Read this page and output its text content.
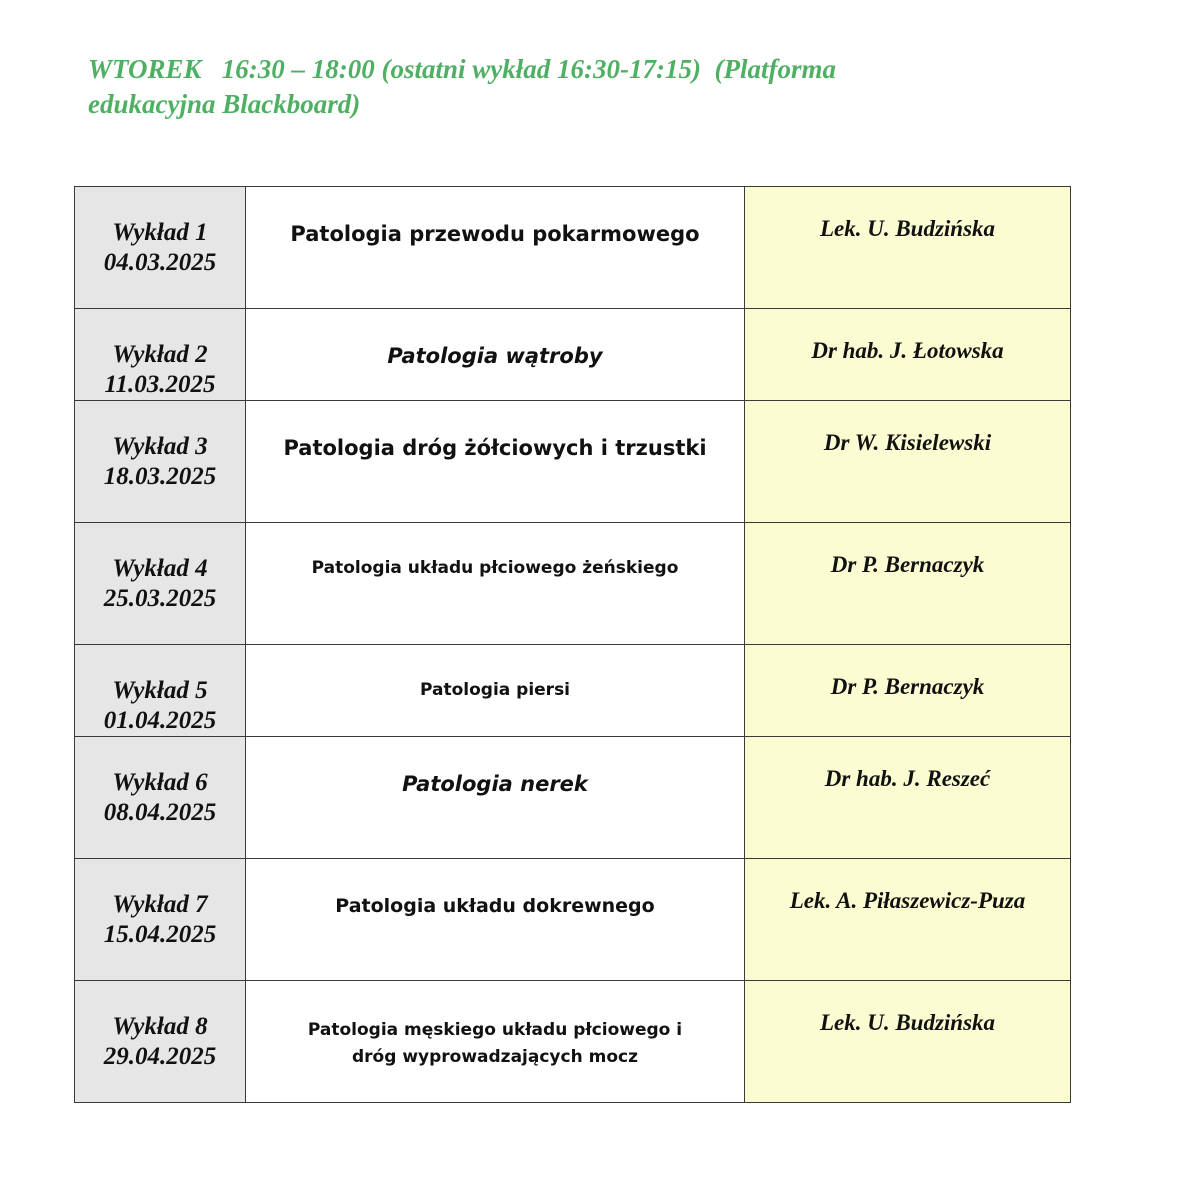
WTOREK   16:30 – 18:00 (ostatni wykład 16:30-17:15)  (Platforma
edukacyjna Blackboard)
Wykład 1
04.03.2025	Patologia przewodu pokarmowego	Lek. U. Budzińska

Wykład 2
11.03.2025	Patologia wątroby	Dr hab. J. Łotowska

Wykład 3
18.03.2025	Patologia dróg żółciowych i trzustki	Dr W. Kisielewski

Wykład 4
25.03.2025	Patologia układu płciowego żeńskiego	Dr P. Bernaczyk

Wykład 5
01.04.2025	Patologia piersi	Dr P. Bernaczyk

Wykład 6
08.04.2025	Patologia nerek	Dr hab. J. Reszeć

Wykład 7
15.04.2025	Patologia układu dokrewnego	Lek. A. Piłaszewicz-Puza

Wykład 8
29.04.2025	Patologia męskiego układu płciowego i dróg wyprowadzających mocz	Lek. U. Budzińska
